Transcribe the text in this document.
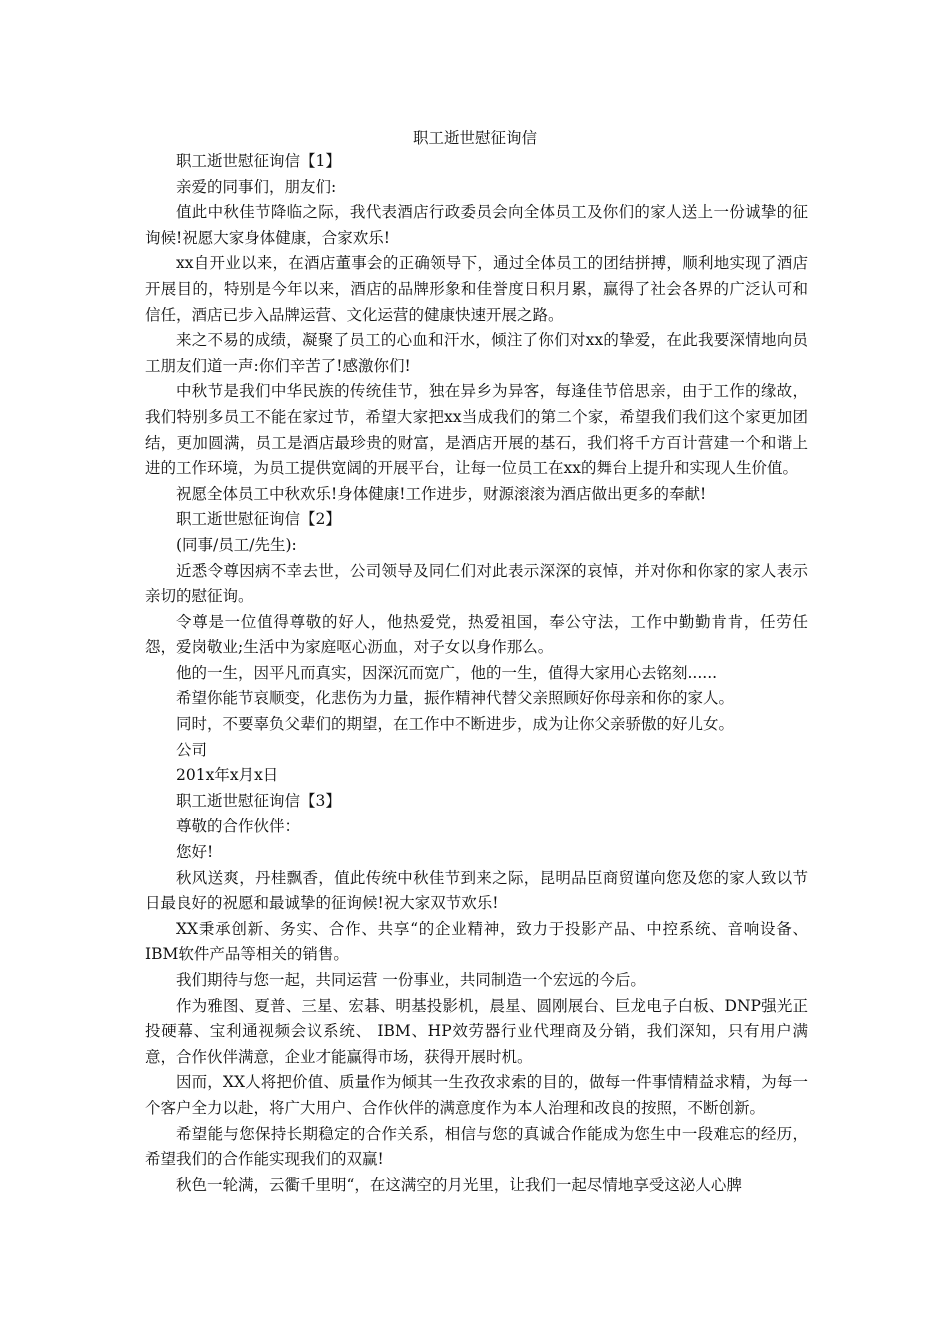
职工逝世慰征询信

职工逝世慰征询信【1】

亲爱的同事们，朋友们:

值此中秋佳节降临之际，我代表酒店行政委员会向全体员工及你们的家人送上一份诚挚的征询候!祝愿大家身体健康，合家欢乐!

xx自开业以来，在酒店董事会的正确领导下，通过全体员工的团结拼搏，顺利地实现了酒店开展目的，特别是今年以来，酒店的品牌形象和佳誉度日积月累，赢得了社会各界的广泛认可和信任，酒店已步入品牌运营、文化运营的健康快速开展之路。

来之不易的成绩，凝聚了员工的心血和汗水，倾注了你们对xx的挚爱，在此我要深情地向员工朋友们道一声:你们辛苦了!感激你们!

中秋节是我们中华民族的传统佳节，独在异乡为异客，每逢佳节倍思亲，由于工作的缘故，我们特别多员工不能在家过节，希望大家把xx当成我们的第二个家，希望我们我们这个家更加团结，更加圆满，员工是酒店最珍贵的财富，是酒店开展的基石，我们将千方百计营建一个和谐上进的工作环境，为员工提供宽阔的开展平台，让每一位员工在xx的舞台上提升和实现人生价值。

祝愿全体员工中秋欢乐!身体健康!工作进步，财源滚滚为酒店做出更多的奉献!

职工逝世慰征询信【2】

(同事/员工/先生):

近悉令尊因病不幸去世，公司领导及同仁们对此表示深深的哀悼，并对你和你家的家人表示亲切的慰征询。

令尊是一位值得尊敬的好人，他热爱党，热爱祖国，奉公守法，工作中勤勤肯肯，任劳任怨，爱岗敬业;生活中为家庭呕心沥血，对子女以身作那么。

他的一生，因平凡而真实，因深沉而宽广，他的一生，值得大家用心去铭刻......

希望你能节哀顺变，化悲伤为力量，振作精神代替父亲照顾好你母亲和你的家人。

同时，不要辜负父辈们的期望，在工作中不断进步，成为让你父亲骄傲的好儿女。

公司

201x年x月x日

职工逝世慰征询信【3】

尊敬的合作伙伴：

您好!

秋风送爽，丹桂飘香，值此传统中秋佳节到来之际，昆明品臣商贸谨向您及您的家人致以节日最良好的祝愿和最诚挚的征询候!祝大家双节欢乐!

XX秉承创新、务实、合作、共享“的企业精神，致力于投影产品、中控系统、音响设备、IBM软件产品等相关的销售。

我们期待与您一起，共同运营 一份事业，共同制造一个宏远的今后。

作为雅图、夏普、三星、宏碁、明基投影机，晨星、圆刚展台、巨龙电子白板、DNP强光正投硬幕、宝利通视频会议系统、 IBM、HP效劳器行业代理商及分销，我们深知，只有用户满意，合作伙伴满意，企业才能赢得市场，获得开展时机。

因而，XX人将把价值、质量作为倾其一生孜孜求索的目的，做每一件事情精益求精，为每一个客户全力以赴，将广大用户、合作伙伴的满意度作为本人治理和改良的按照，不断创新。

希望能与您保持长期稳定的合作关系，相信与您的真诚合作能成为您生中一段难忘的经历，希望我们的合作能实现我们的双赢!

秋色一轮满，云衢千里明“，在这满空的月光里，让我们一起尽情地享受这泌人心脾
